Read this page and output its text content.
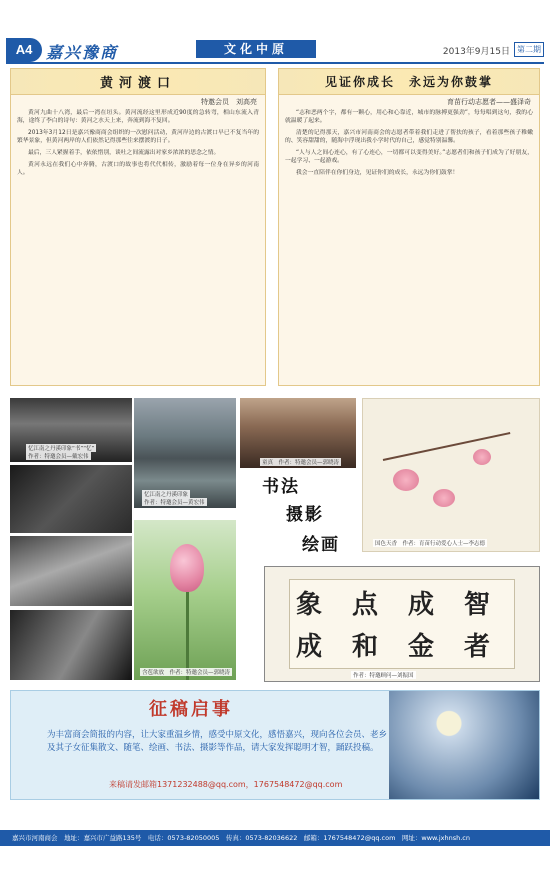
A4 嘉兴豫商	文化中原	2013年9月15日 第二期
黄河渡口
特邀会员　刘高亮

黄河九曲十八湾，最后一湾在垣头。黄河流经这里形成近90度的急转弯，相山东流入青海，途终了李白的诗句：黄河之水天上来，奔流到海不复回。

2013年3月12日是嘉兴豫商商会组织的一次慰问活动，黄河岸边的古渡口早已不复当年的繁华景象，但黄河两岸的人们依然记得那些往来摆渡的日子。

最后，三人紧握着手，依依惜别，谈吐之间流露出对家乡浓浓的思念之情。

黄河永远在我们心中奔腾，古渡口的故事也将代代相传，激励着每一位身在异乡的河南人。

见证你成长　永远为你鼓掌
育苗行动志愿者——盛泽奇

“志和恶两个字，都有一颗心，用心和心靠近，城市的脉搏更强劲”，每每唱到这句，我的心就温暖了起来。

清楚的记得那天，嘉兴市河南商会的志愿者带着我们走进了帮扶的孩子，看着那些孩子稚嫩的、笑容甜甜的，随海中浮现出我小学时代的自己，感觉特别温馨。

“人与人之间心连心，有了心连心，一切都可以变得美好。”志愿者们和孩子们成为了好朋友，一起学习、一起游戏。

我会一直陪伴在你们身边，见证你们的成长，永远为你们鼓掌！

忆江南之丹溪印象“书”“忆”
作者：特邀会员—戴宏伟
忆江南之丹溪印象
作者：特邀会员—黄宏伟
童真　作者：特邀会员—郭晓涛
国色天香　作者：育苗行动爱心人士—李志德
书法
摄影
绘画
含苞欲放　作者：特邀会员—郭晓涛
象 点 成 智
成 和 金 者
作者：特邀顾问—刘振国
征稿启事
为丰富商会简报的内容，让大家重温乡情，感受中原文化，感悟嘉兴，现向各位会员、老乡及其子女征集散文、随笔、绘画、书法、摄影等作品，请大家发挥聪明才智，踊跃投稿。
来稿请发邮箱1371232488@qq.com，1767548472@qq.com
嘉兴市河南商会　地址：嘉兴市广益路135号　电话：0573-82050005　传真：0573-82036622　邮箱：1767548472@qq.com　网址：www.jxhnsh.cn
